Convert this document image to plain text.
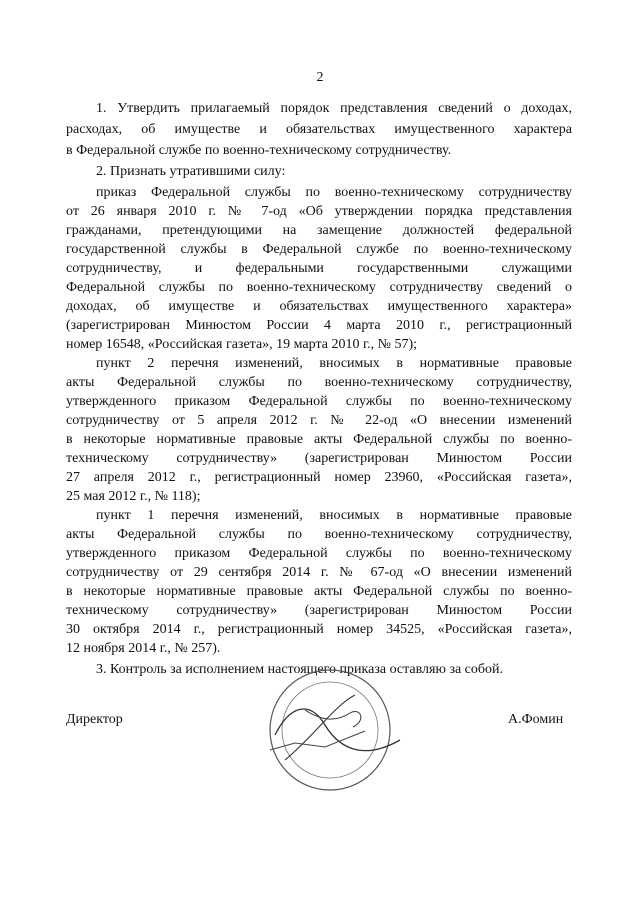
2
1. Утвердить прилагаемый порядок представления сведений о доходах,
расходах, об имуществе и обязательствах имущественного характера
в Федеральной службе по военно-техническому сотрудничеству.
2. Признать утратившими силу:
приказ Федеральной службы по военно-техническому сотрудничеству
от 26 января 2010 г. № 7-од «Об утверждении порядка представления
гражданами, претендующими на замещение должностей федеральной
государственной службы в Федеральной службе по военно-техническому
сотрудничеству, и федеральными государственными служащими
Федеральной службы по военно-техническому сотрудничеству сведений о
доходах, об имуществе и обязательствах имущественного характера»
(зарегистрирован Минюстом России 4 марта 2010 г., регистрационный
номер 16548, «Российская газета», 19 марта 2010 г., № 57);
пункт 2 перечня изменений, вносимых в нормативные правовые
акты Федеральной службы по военно-техническому сотрудничеству,
утвержденного приказом Федеральной службы по военно-техническому
сотрудничеству от 5 апреля 2012 г. № 22-од «О внесении изменений
в некоторые нормативные правовые акты Федеральной службы по военно-
техническому сотрудничеству» (зарегистрирован Минюстом России
27 апреля 2012 г., регистрационный номер 23960, «Российская газета»,
25 мая 2012 г., № 118);
пункт 1 перечня изменений, вносимых в нормативные правовые
акты Федеральной службы по военно-техническому сотрудничеству,
утвержденного приказом Федеральной службы по военно-техническому
сотрудничеству от 29 сентября 2014 г. № 67-од «О внесении изменений
в некоторые нормативные правовые акты Федеральной службы по военно-
техническому сотрудничеству» (зарегистрирован Минюстом России
30 октября 2014 г., регистрационный номер 34525, «Российская газета»,
12 ноября 2014 г., № 257).
3. Контроль за исполнением настоящего приказа оставляю за собой.
Директор	А.Фомин
